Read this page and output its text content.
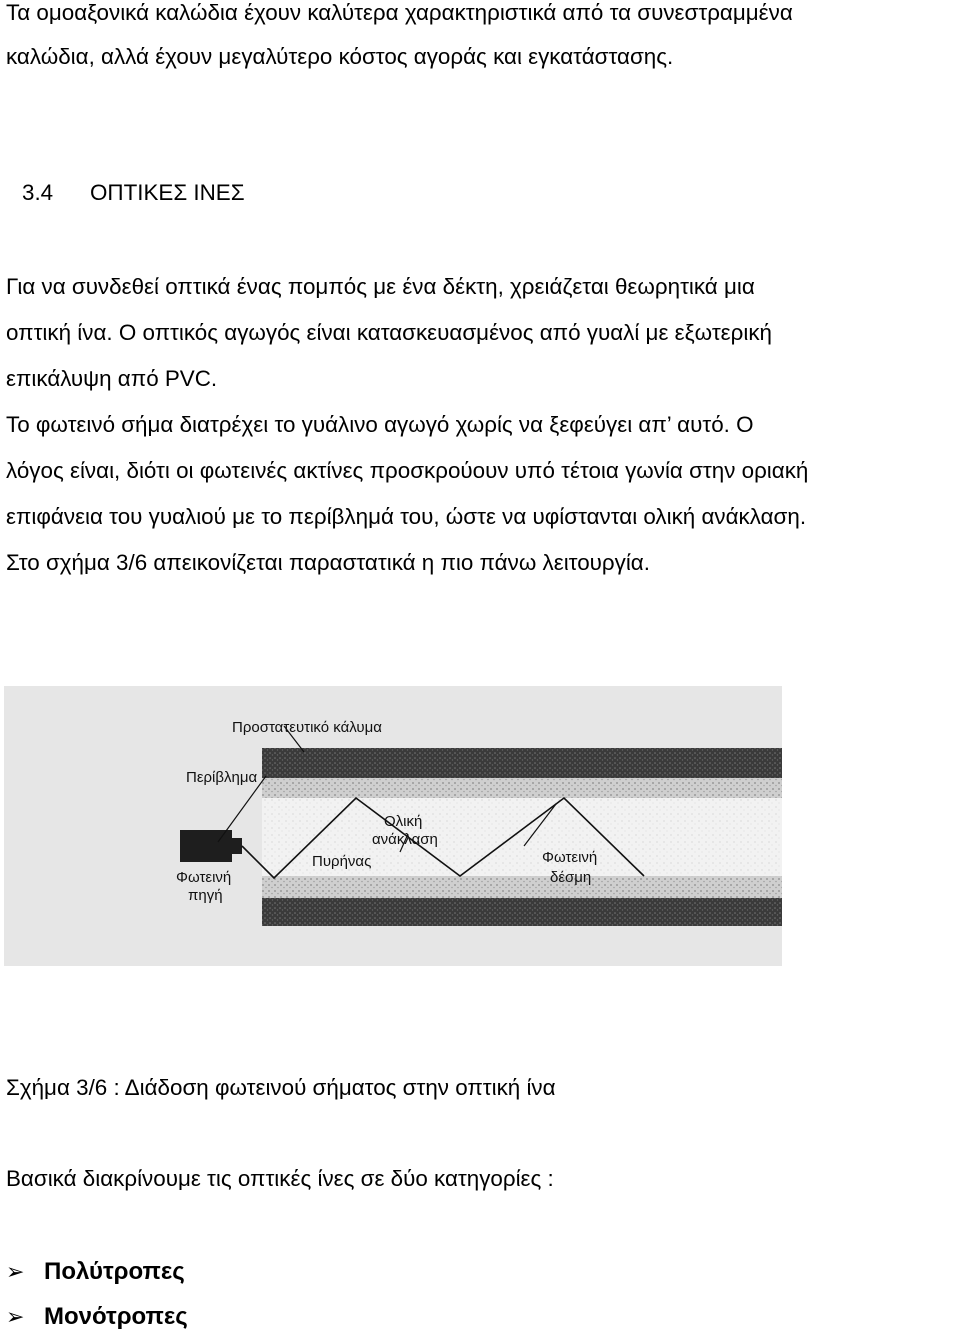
Τα ομοαξονικά καλώδια έχουν καλύτερα χαρακτηριστικά από τα συνεστραμμένα
καλώδια, αλλά έχουν μεγαλύτερο κόστος αγοράς και εγκατάστασης.
3.4 ΟΠΤΙΚΕΣ ΙΝΕΣ
Για να συνδεθεί οπτικά ένας πομπός με ένα δέκτη, χρειάζεται θεωρητικά μια
οπτική ίνα. Ο οπτικός αγωγός είναι κατασκευασμένος από γυαλί με εξωτερική
επικάλυψη από PVC.
Το φωτεινό σήμα διατρέχει το γυάλινο αγωγό χωρίς να ξεφεύγει απ’ αυτό. Ο
λόγος είναι, διότι οι φωτεινές ακτίνες προσκρούουν υπό τέτοια γωνία στην οριακή
επιφάνεια του γυαλιού με το περίβλημά του, ώστε να υφίστανται ολική ανάκλαση.
Στο σχήμα 3/6 απεικονίζεται παραστατικά η πιο πάνω λειτουργία.
Προστατευτικό κάλυμα
Περίβλημα
Ολική
ανάκλαση
Πυρήνας	Φωτεινή
δέσμη
Φωτεινή
πηγή
Σχήμα 3/6 : Διάδοση φωτεινού σήματος στην οπτική ίνα
Βασικά διακρίνουμε τις οπτικές ίνες σε δύο κατηγορίες :
➢ Πολύτροπες
➢ Μονότροπες
